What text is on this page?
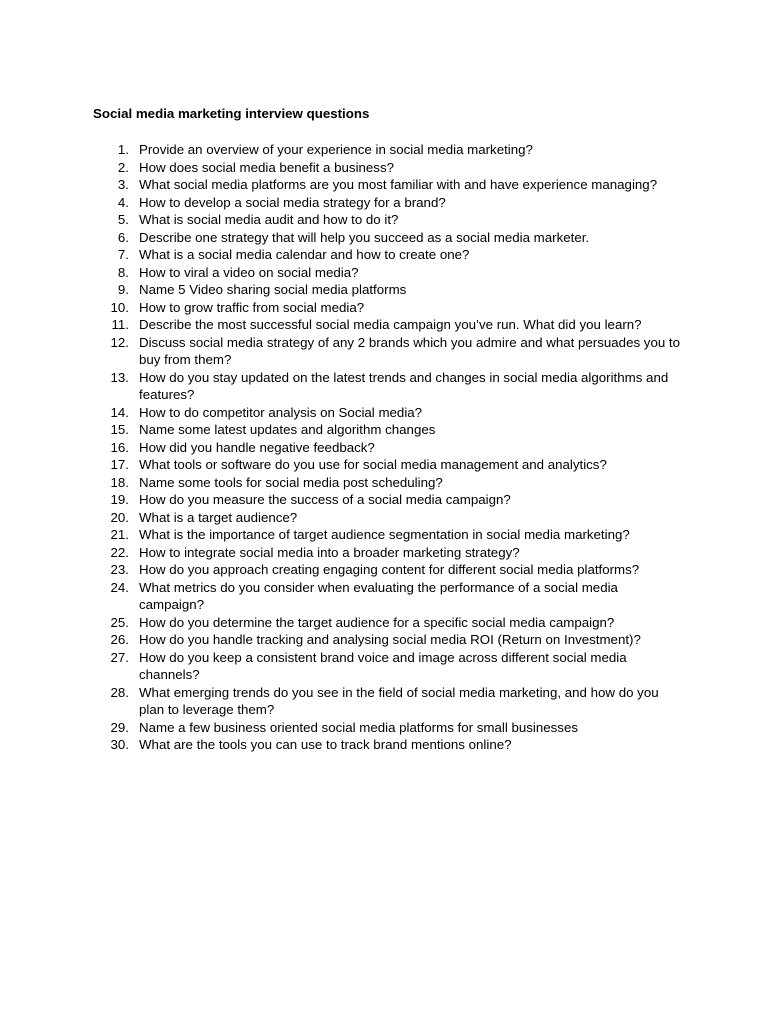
Social media marketing interview questions
1. Provide an overview of your experience in social media marketing?
2. How does social media benefit a business?
3. What social media platforms are you most familiar with and have experience managing?
4. How to develop a social media strategy for a brand?
5. What is social media audit and how to do it?
6. Describe one strategy that will help you succeed as a social media marketer.
7. What is a social media calendar and how to create one?
8. How to viral a video on social media?
9. Name 5 Video sharing social media platforms
10. How to grow traffic from social media?
11. Describe the most successful social media campaign you’ve run. What did you learn?
12. Discuss social media strategy of any 2 brands which you admire and what persuades you to buy from them?
13. How do you stay updated on the latest trends and changes in social media algorithms and features?
14. How to do competitor analysis on Social media?
15. Name some latest updates and algorithm changes
16. How did you handle negative feedback?
17. What tools or software do you use for social media management and analytics?
18. Name some tools for social media post scheduling?
19. How do you measure the success of a social media campaign?
20. What is a target audience?
21. What is the importance of target audience segmentation in social media marketing?
22. How to integrate social media into a broader marketing strategy?
23. How do you approach creating engaging content for different social media platforms?
24. What metrics do you consider when evaluating the performance of a social media campaign?
25. How do you determine the target audience for a specific social media campaign?
26. How do you handle tracking and analysing social media ROI (Return on Investment)?
27. How do you keep a consistent brand voice and image across different social media channels?
28. What emerging trends do you see in the field of social media marketing, and how do you plan to leverage them?
29. Name a few business oriented social media platforms for small businesses
30. What are the tools you can use to track brand mentions online?
